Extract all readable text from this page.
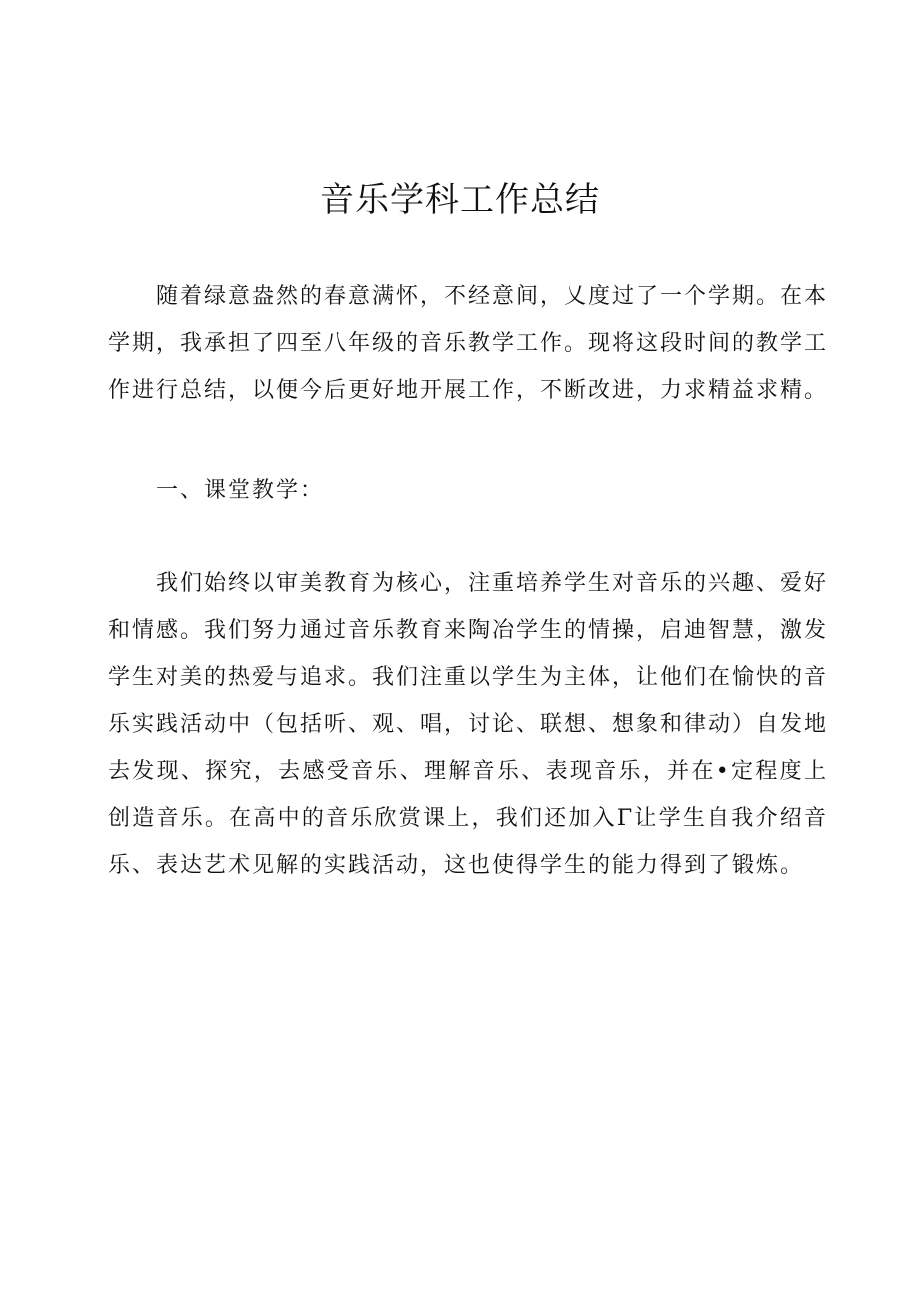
音乐学科工作总结

随着绿意盎然的春意满怀，不经意间，乂度过了一个学期。在本学期，我承担了四至八年级的音乐教学工作。现将这段时间的教学工作进行总结，以便今后更好地开展工作，不断改进，力求精益求精。

一、课堂教学：

我们始终以审美教育为核心，注重培养学生对音乐的兴趣、爱好和情感。我们努力通过音乐教育来陶冶学生的情操，启迪智慧，激发学生对美的热爱与追求。我们注重以学生为主体，让他们在愉快的音乐实践活动中（包括听、观、唱，讨论、联想、想象和律动）自发地去发现、探究，去感受音乐、理解音乐、表现音乐，并在•定程度上创造音乐。在高中的音乐欣赏课上，我们还加入Γ让学生自我介绍音乐、表达艺术见解的实践活动，这也使得学生的能力得到了锻炼。
